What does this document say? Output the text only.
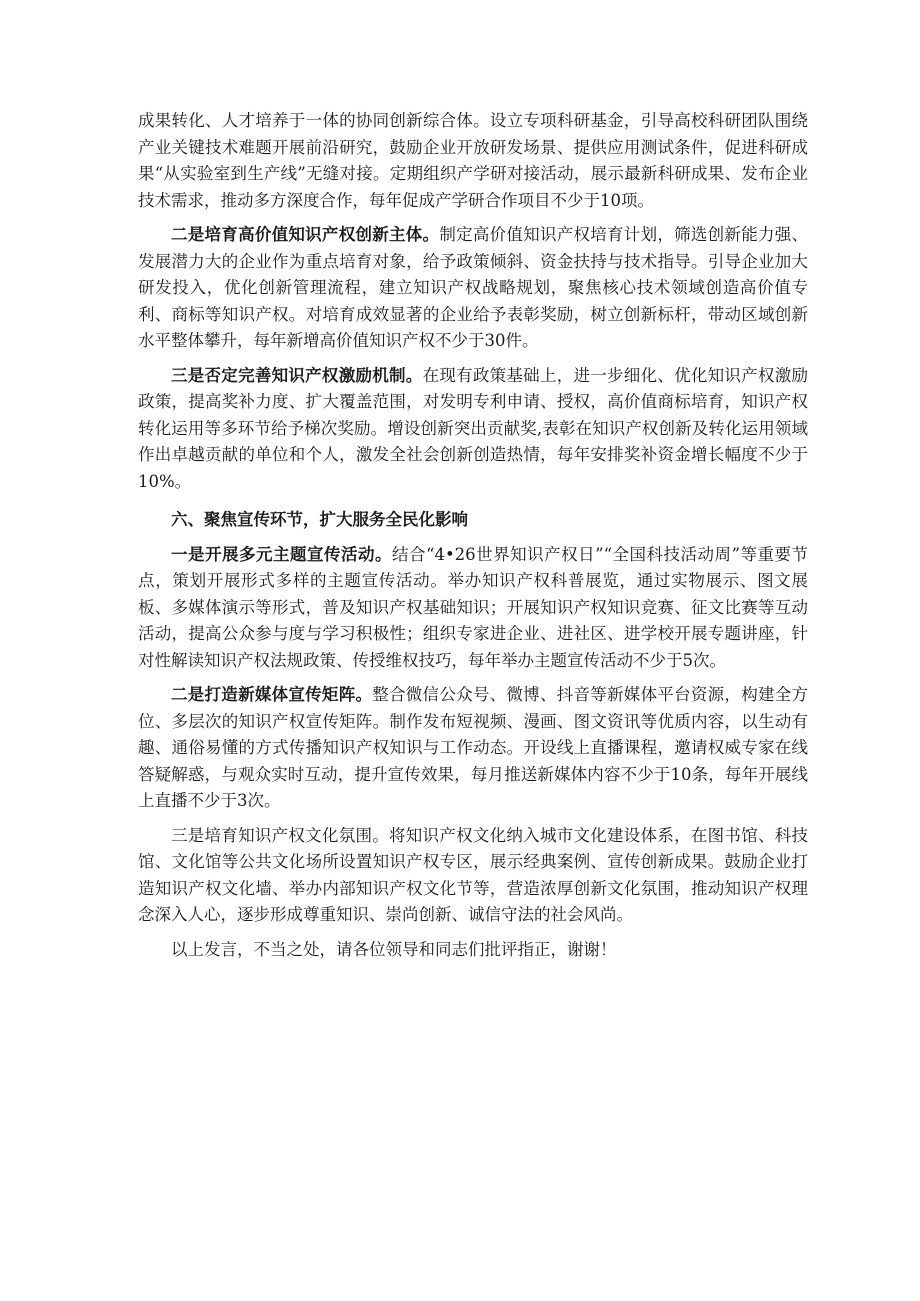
成果转化、人才培养于一体的协同创新综合体。设立专项科研基金，引导高校科研团队围绕产业关键技术难题开展前沿研究，鼓励企业开放研发场景、提供应用测试条件，促进科研成果“从实验室到生产线”无缝对接。定期组织产学研对接活动，展示最新科研成果、发布企业技术需求，推动多方深度合作，每年促成产学研合作项目不少于10项。

二是培育高价值知识产权创新主体。制定高价值知识产权培育计划，筛选创新能力强、发展潜力大的企业作为重点培育对象，给予政策倾斜、资金扶持与技术指导。引导企业加大研发投入，优化创新管理流程，建立知识产权战略规划，聚焦核心技术领域创造高价值专利、商标等知识产权。对培育成效显著的企业给予表彰奖励，树立创新标杆，带动区域创新水平整体攀升，每年新增高价值知识产权不少于30件。

三是否定完善知识产权激励机制。在现有政策基础上，进一步细化、优化知识产权激励政策，提高奖补力度、扩大覆盖范围，对发明专利申请、授权，高价值商标培育，知识产权转化运用等多环节给予梯次奖励。增设创新突出贡献奖,表彰在知识产权创新及转化运用领域作出卓越贡献的单位和个人，激发全社会创新创造热情，每年安排奖补资金增长幅度不少于10%。

六、聚焦宣传环节，扩大服务全民化影响

一是开展多元主题宣传活动。结合“4•26世界知识产权日”“全国科技活动周”等重要节点，策划开展形式多样的主题宣传活动。举办知识产权科普展览，通过实物展示、图文展板、多媒体演示等形式，普及知识产权基础知识；开展知识产权知识竞赛、征文比赛等互动活动，提高公众参与度与学习积极性；组织专家进企业、进社区、进学校开展专题讲座，针对性解读知识产权法规政策、传授维权技巧，每年举办主题宣传活动不少于5次。

二是打造新媒体宣传矩阵。整合微信公众号、微博、抖音等新媒体平台资源，构建全方位、多层次的知识产权宣传矩阵。制作发布短视频、漫画、图文资讯等优质内容，以生动有趣、通俗易懂的方式传播知识产权知识与工作动态。开设线上直播课程，邀请权威专家在线答疑解惑，与观众实时互动，提升宣传效果，每月推送新媒体内容不少于10条，每年开展线上直播不少于3次。

三是培育知识产权文化氛围。将知识产权文化纳入城市文化建设体系，在图书馆、科技馆、文化馆等公共文化场所设置知识产权专区，展示经典案例、宣传创新成果。鼓励企业打造知识产权文化墙、举办内部知识产权文化节等，营造浓厚创新文化氛围，推动知识产权理念深入人心，逐步形成尊重知识、崇尚创新、诚信守法的社会风尚。

以上发言，不当之处，请各位领导和同志们批评指正，谢谢！
